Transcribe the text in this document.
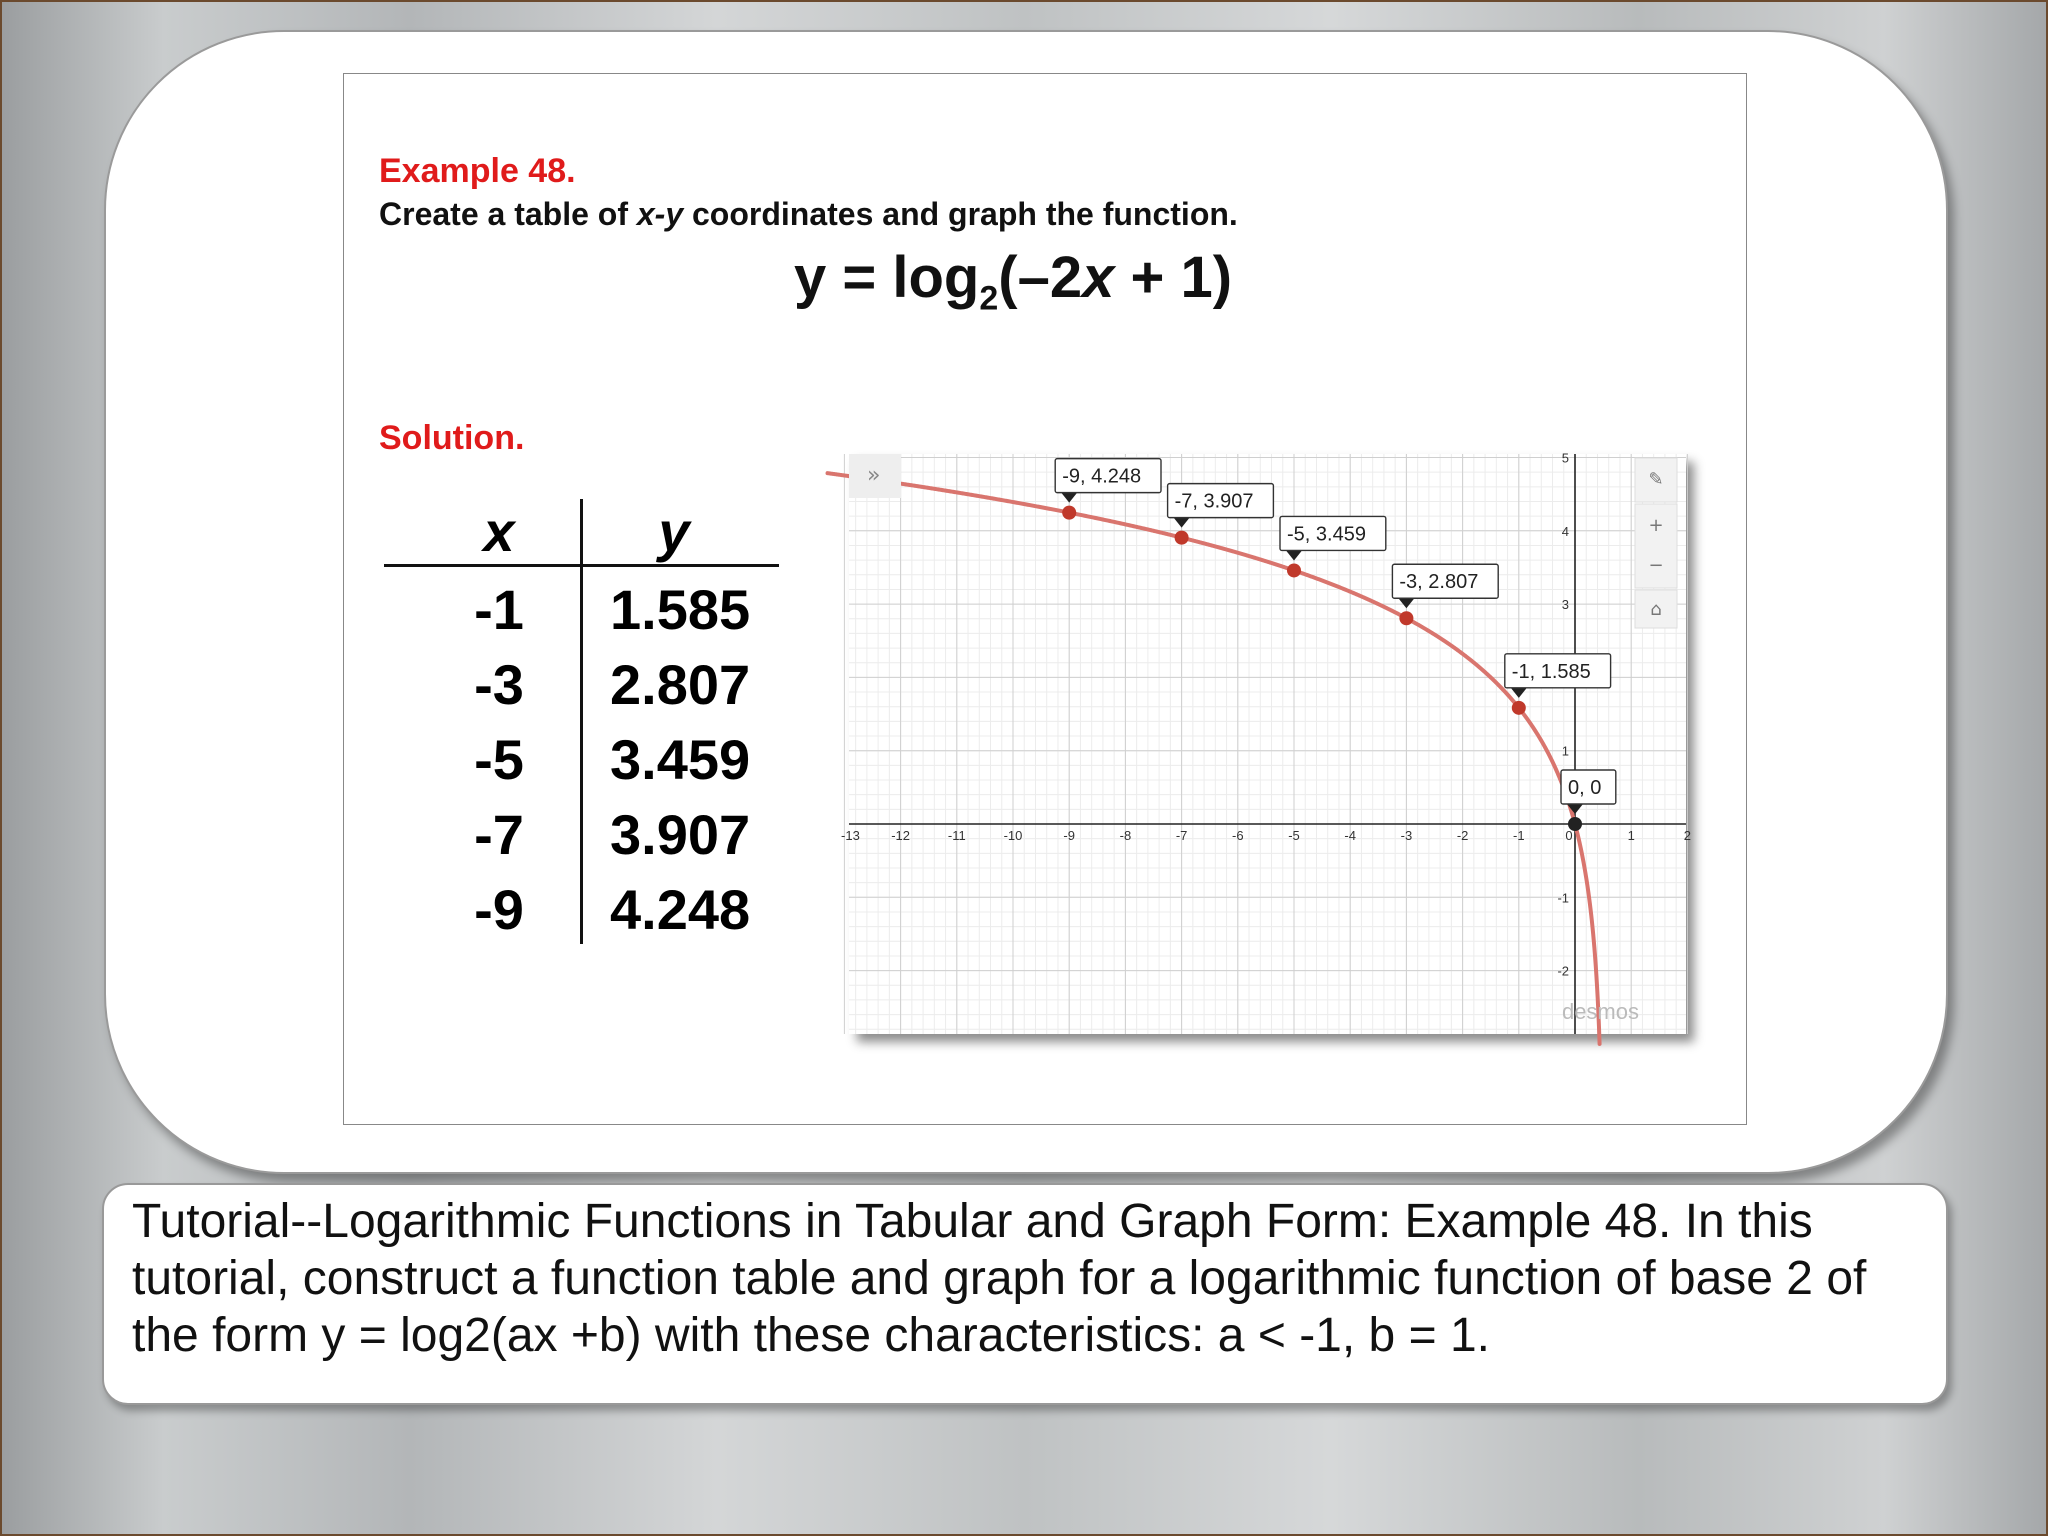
Example 48.
Create a table of x-y coordinates and graph the function.
$y = \log_2(-2x + 1)$
Solution.
x	y
-1	1.585
-3	2.807
-5	3.459
-7	3.907
-9	4.248
-13 -12	-11	-10	-9	-8	-7	-6	-5	-4	-3	-2	-1	0	1	2
5
4
3
1
-1
-2
-9, 4.248
-7, 3.907
-5, 3.459
-3, 2.807
-1, 1.585
0, 0
»	✎
+
−
⌂
desmos
Tutorial--Logarithmic Functions in Tabular and Graph Form: Example 48. In this tutorial, construct a function table and graph for a logarithmic function of base 2 of the form y = log2(ax +b) with these characteristics: a < -1, b = 1.
